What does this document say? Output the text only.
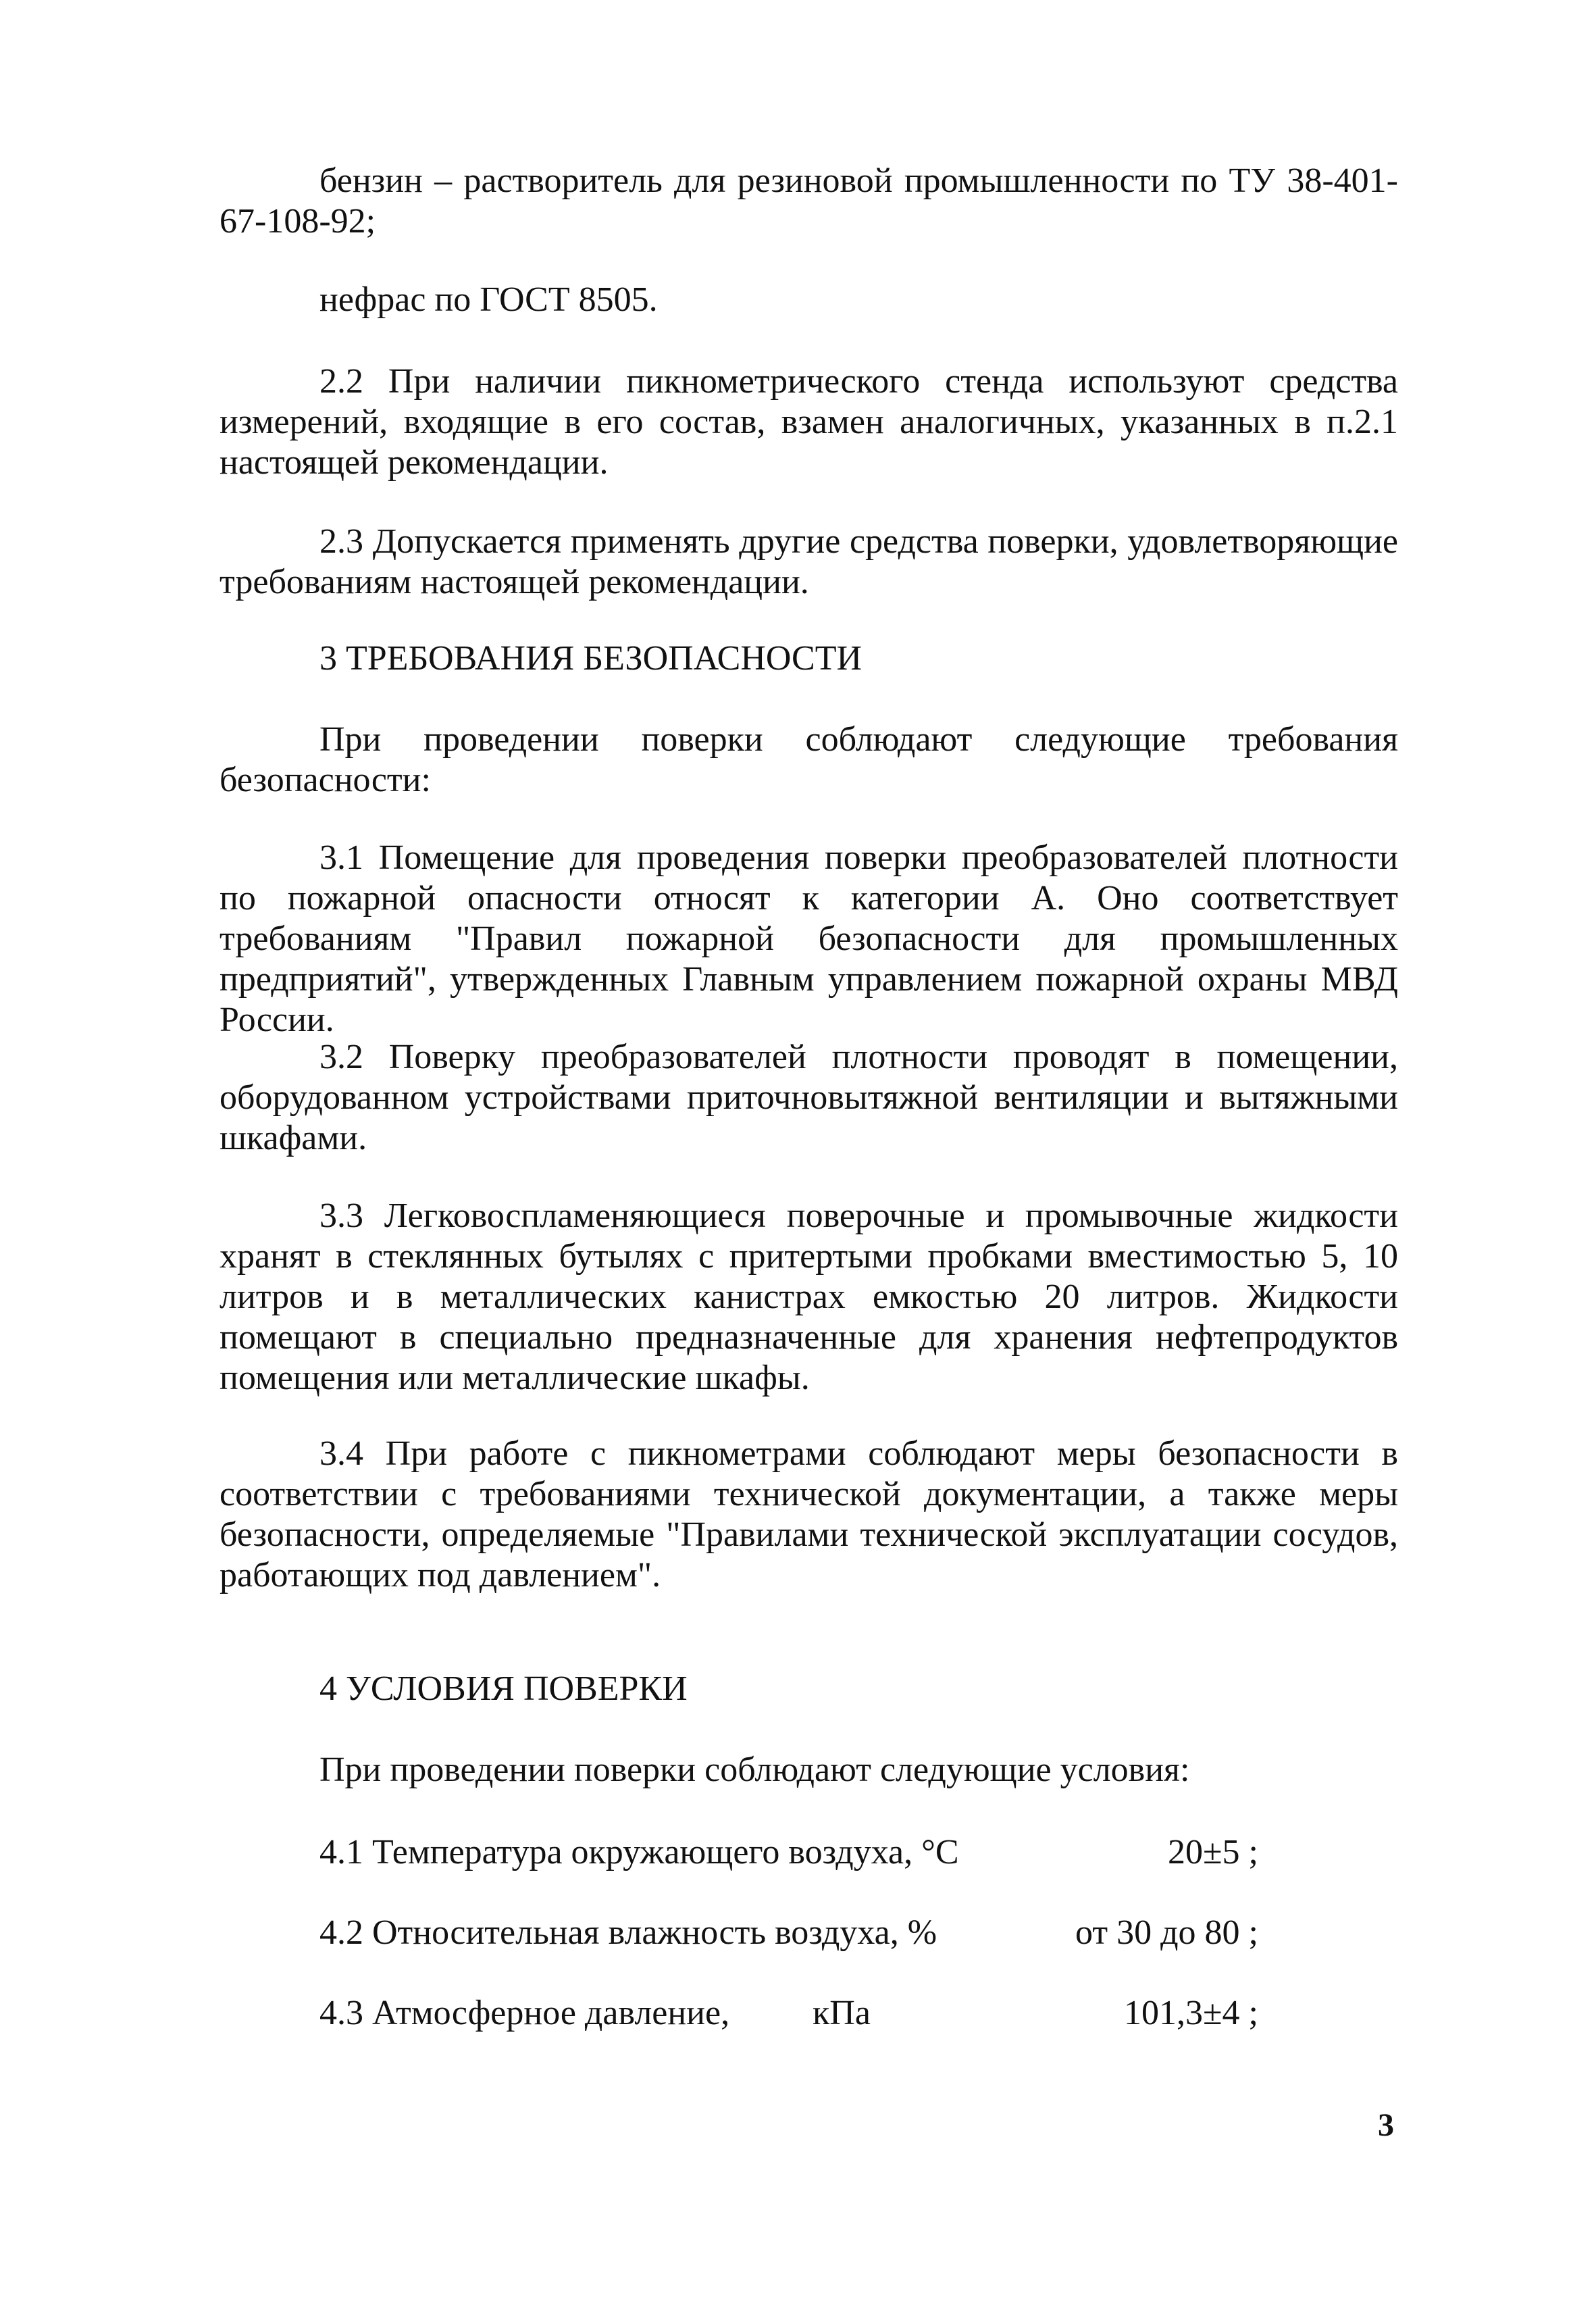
бензин – растворитель для резиновой промышленности по ТУ 38-401-67-108-92;
нефрас по ГОСТ 8505.
2.2 При наличии пикнометрического стенда используют средства измерений, входящие в его состав, взамен аналогичных, указанных в п.2.1 настоящей рекомендации.
2.3 Допускается применять другие средства поверки, удовлетворяющие требованиям настоящей рекомендации.
3 ТРЕБОВАНИЯ БЕЗОПАСНОСТИ
При проведении поверки соблюдают следующие требования безопасности:
3.1 Помещение для проведения поверки преобразователей плотности по пожарной опасности относят к категории А. Оно соответствует требованиям "Правил пожарной безопасности для промышленных предприятий", утвержденных Главным управлением пожарной охраны МВД России.
3.2 Поверку преобразователей плотности проводят в помещении, оборудованном устройствами приточновытяжной вентиляции и вытяжными шкафами.
3.3 Легковоспламеняющиеся поверочные и промывочные жидкости хранят в стеклянных бутылях с притертыми пробками вместимостью 5, 10 литров и в металлических канистрах емкостью 20 литров. Жидкости помещают в специально предназначенные для хранения нефтепродуктов помещения или металлические шкафы.
3.4 При работе с пикнометрами соблюдают меры безопасности в соответствии с требованиями технической документации, а также меры безопасности, определяемые "Правилами технической эксплуатации сосудов, работающих под давлением".
4 УСЛОВИЯ ПОВЕРКИ
При проведении поверки соблюдают следующие условия:
4.1 Температура окружающего воздуха, °С	20±5 ;
4.2 Относительная влажность воздуха, %	от 30 до 80 ;
4.3 Атмосферное давление, кПа	101,3±4 ;
3
